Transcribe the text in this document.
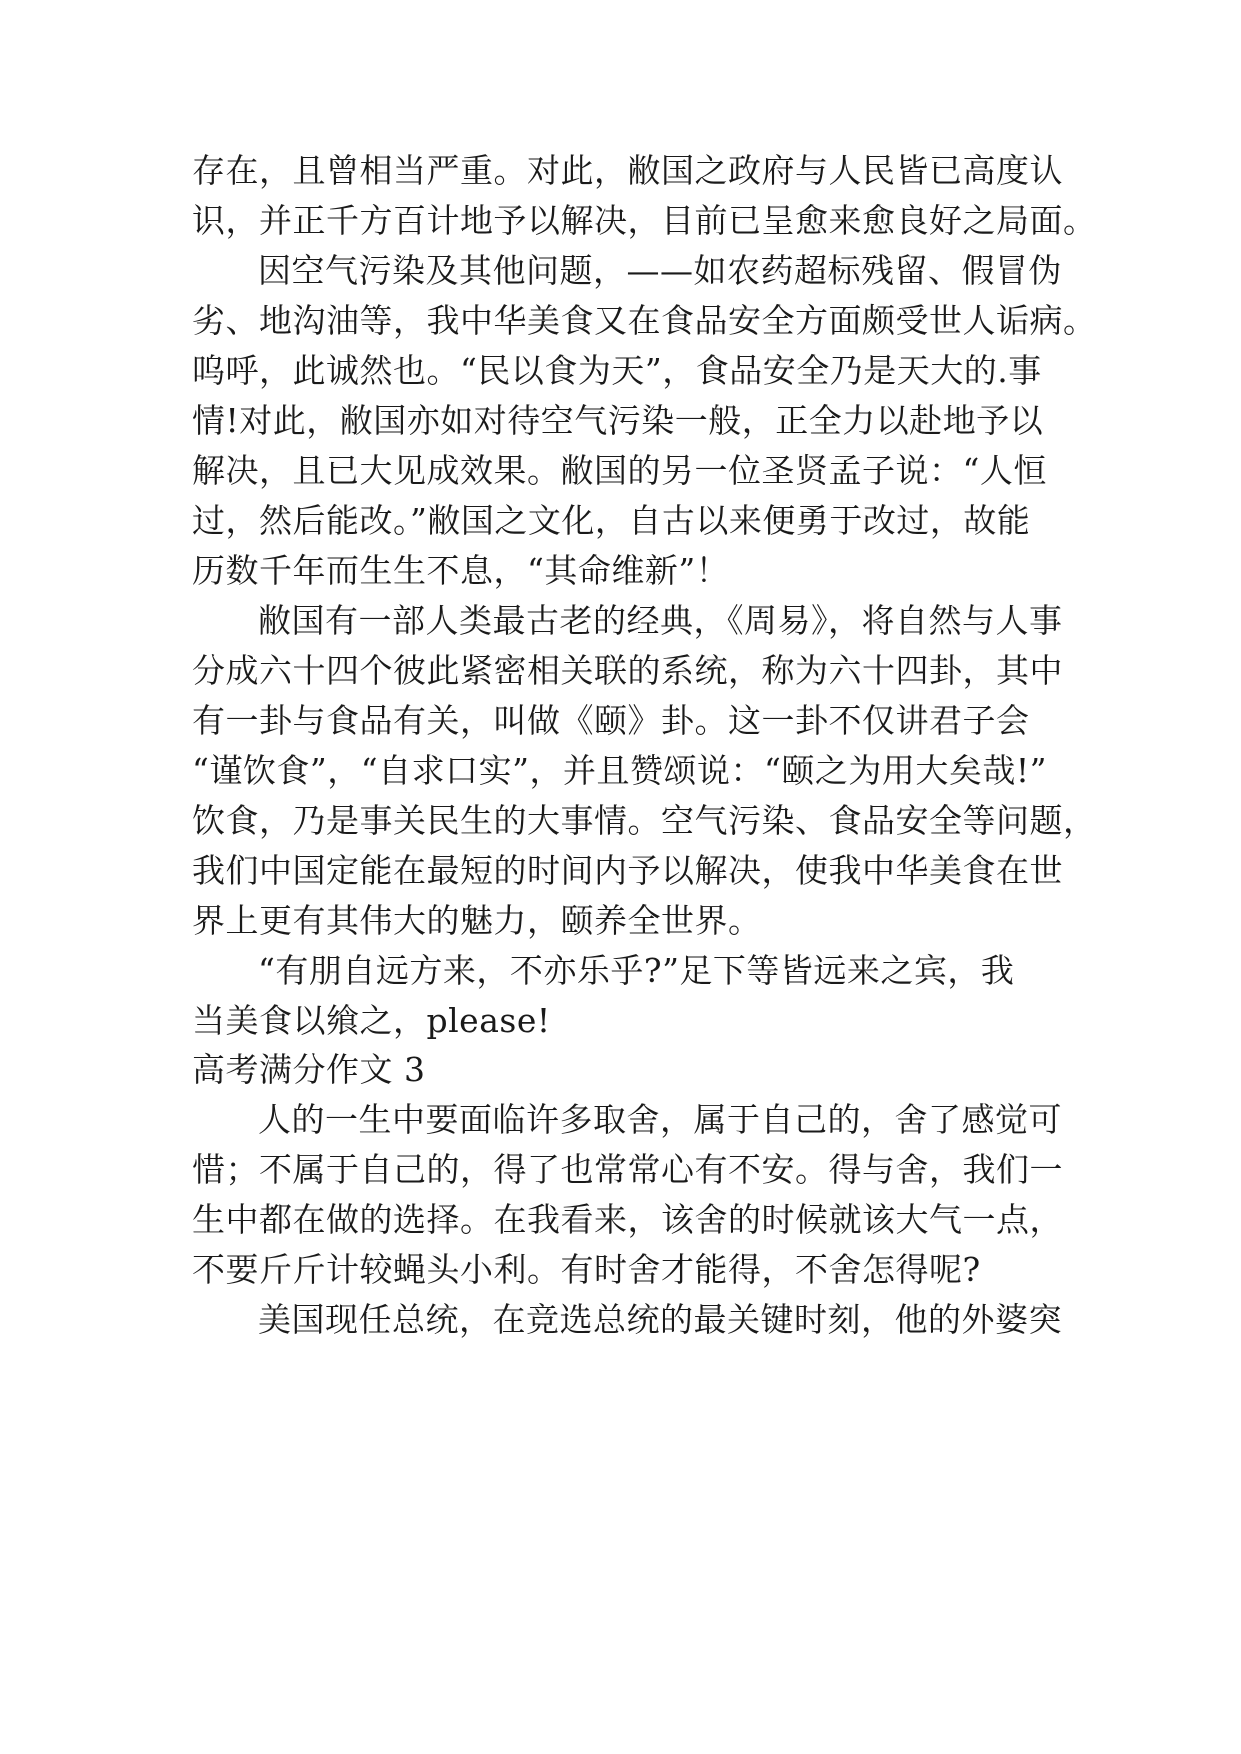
存在，且曾相当严重。对此，敝国之政府与人民皆已高度认
识，并正千方百计地予以解决，目前已呈愈来愈良好之局面。
因空气污染及其他问题，——如农药超标残留、假冒伪
劣、地沟油等，我中华美食又在食品安全方面颇受世人诟病。
呜呼，此诚然也。“民以食为天”，食品安全乃是天大的.事
情!对此，敝国亦如对待空气污染一般，正全力以赴地予以
解决，且已大见成效果。敝国的另一位圣贤孟子说：“人恒
过，然后能改。”敝国之文化，自古以来便勇于改过，故能
历数千年而生生不息，“其命维新”！
敝国有一部人类最古老的经典，《周易》，将自然与人事
分成六十四个彼此紧密相关联的系统，称为六十四卦，其中
有一卦与食品有关，叫做《颐》卦。这一卦不仅讲君子会
“谨饮食”，“自求口实”，并且赞颂说：“颐之为用大矣哉!”
饮食，乃是事关民生的大事情。空气污染、食品安全等问题，
我们中国定能在最短的时间内予以解决，使我中华美食在世
界上更有其伟大的魅力，颐养全世界。
“有朋自远方来，不亦乐乎?”足下等皆远来之宾，我
当美食以飨之，please!
高考满分作文 3
人的一生中要面临许多取舍，属于自己的，舍了感觉可
惜；不属于自己的，得了也常常心有不安。得与舍，我们一
生中都在做的选择。在我看来，该舍的时候就该大气一点，
不要斤斤计较蝇头小利。有时舍才能得，不舍怎得呢?
美国现任总统，在竞选总统的最关键时刻，他的外婆突
